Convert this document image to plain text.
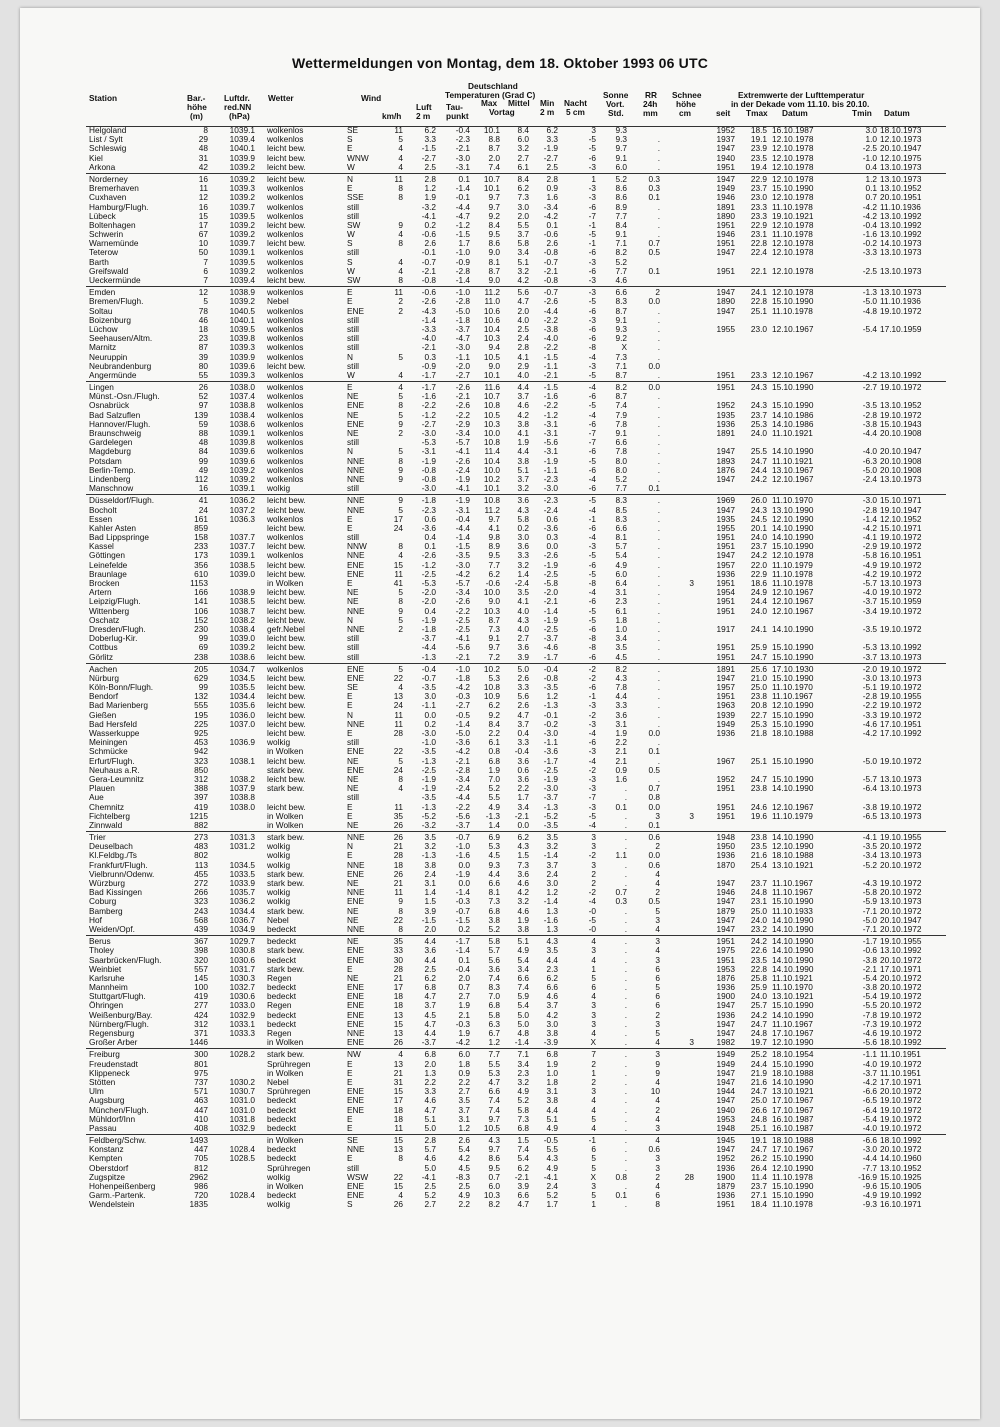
Wettermeldungen von Montag, dem 18. Oktober 1993 06 UTC
Deutschland
Station	Bar.-
höhe
(m)
Luftdr.
red.NN
(hPa)
Wetter	Wind
km/h
Temperaturen (Grad C)
Luft
2 m
Tau-
punkt
Max Mittel Min
Vortag	2 m
Nacht
5 cm
Sonne
Vort.
Std.
RR
24h
mm
Schnee
höhe
cm
Extremwerte der Lufttemperatur
in der Dekade vom 11.10. bis 20.10.
seit Tmax Datum	Tmin Datum
Helgoland	8	1039.1 wolkenlos	SE	11	6.2	-0.4	10.1	8.4	6.2	3	9.3	1952	18.5 16.10.1987	3.0 18.10.1973
List / Sylt	29	1039.4 wolkenlos	S	5	3.3	-2.3	8.8	6.0	3.3	-5	9.3	.	1937	19.1 12.10.1978	1.0 12.10.1973
Schleswig	48	1040.1 leicht bew.	E	4	-1.5	-2.1	8.7	3.2	-1.9	-5	9.7	.	1947	23.9 12.10.1978	-2.5 20.10.1947
Kiel	31	1039.9 leicht bew.	WNW	4	-2.7	-3.0	2.0	2.7	-2.7	-6	9.1	.	1940	23.5 12.10.1978	-1.0 12.10.1975
Arkona	42	1039.2 leicht bew.	W	4	2.5	-3.1	7.4	6.1	2.5	-3	6.0	.	1951	19.4 12.10.1978	0.4 13.10.1973
Norderney	16	1039.2 leicht bew.	N	11	2.8	0.1	10.7	8.4	2.8	1	5.2	0.3	1947	22.9 12.10.1978	1.2 13.10.1973
Bremerhaven	11	1039.3 wolkenlos	E	8	1.2	-1.4	10.1	6.2	0.9	-3	8.6	0.3	1949	23.7 15.10.1990	0.1 13.10.1952
Cuxhaven	12	1039.2 wolkenlos	SSE	8	1.9	-0.1	9.7	7.3	1.6	-3	8.6	0.1	1946	23.0 12.10.1978	0.7 20.10.1951
Hamburg/Flugh.	16	1039.7 wolkenlos	still	-3.2	-4.4	9.7	3.0	-3.4	-6	8.9	.	1891	23.3 11.10.1978	-4.2 11.10.1936
Lübeck	15	1039.5 wolkenlos	still	-4.1	-4.7	9.2	2.0	-4.2	-7	7.7	.	1890	23.3 19.10.1921	-4.2 13.10.1992
Boltenhagen	17	1039.2 leicht bew.	SW	9	0.2	-1.2	8.4	5.5	0.1	-1	8.4	.	1951	22.9 12.10.1978	-0.4 13.10.1992
Schwerin	67	1039.2 wolkenlos	W	4	-0.6	-1.5	9.5	3.7	-0.6	-5	9.1	.	1946	23.1 11.10.1978	-1.6 13.10.1992
Warnemünde	10	1039.7 leicht bew.	S	8	2.6	1.7	8.6	5.8	2.6	-1	7.1	0.7	1951	22.8 12.10.1978	-0.2 14.10.1973
Teterow	50	1039.1 wolkenlos	still	-0.1	-1.0	9.0	3.4	-0.8	-6	8.2	0.5	1947	22.4 12.10.1978	-3.3 13.10.1973
Barth	7	1039.5 wolkenlos	S	4	-0.7	-0.9	8.1	5.1	-0.7	-3	5.2
Greifswald	6	1039.2 wolkenlos	W	4	-2.1	-2.8	8.7	3.2	-2.1	-6	7.7	0.1	1951	22.1 12.10.1978	-2.5 13.10.1973
Ueckermünde	7	1039.4 leicht bew.	SW	8	-0.8	-1.4	9.0	4.2	-0.8	-3	4.6
Emden	12	1038.9 wolkenlos	E	11	-0.6	-1.0	11.2	5.6	-0.7	-3	6.6	2	1947	24.1 12.10.1978	-1.3 13.10.1973
Bremen/Flugh.	5	1039.2 Nebel	E	2	-2.6	-2.8	11.0	4.7	-2.6	-5	8.3	0.0	1890	22.8 15.10.1990	-5.0 11.10.1936
Soltau	78	1040.5 wolkenlos	ENE	2	-4.3	-5.0	10.6	2.0	-4.4	-6	8.7	.	1947	25.1 11.10.1978	-4.8 19.10.1972
Boizenburg	46	1040.1 wolkenlos	still	-1.4	-1.8	10.6	4.0	-2.2	-3	9.1	.
Lüchow	18	1039.5 wolkenlos	still	-3.3	-3.7	10.4	2.5	-3.8	-6	9.3	.	1955	23.0 12.10.1967	-5.4 17.10.1959
Seehausen/Altm.	23	1039.8 wolkenlos	still	-4.0	-4.7	10.3	2.4	-4.0	-6	9.2	.
Marnitz	87	1039.3 wolkenlos	still	-2.1	-3.0	9.4	2.8	-2.2	-8	X	.
Neuruppin	39	1039.9 wolkenlos	N	5	0.3	-1.1	10.5	4.1	-1.5	-4	7.3	.
Neubrandenburg	80	1039.6 leicht bew.	still	-0.9	-2.0	9.0	2.9	-1.1	-3	7.1	0.0
Angermünde	55	1039.3 wolkenlos	W	4	-1.7	-2.7	10.1	4.0	-2.1	-5	8.7	.	1951	23.3 12.10.1967	-4.2 13.10.1992
Lingen	26	1038.0 wolkenlos	E	4	-1.7	-2.6	11.6	4.4	-1.5	-4	8.2	0.0	1951	24.3 15.10.1990	-2.7 19.10.1972
Münst.-Osn./Flugh.	52	1037.4 wolkenlos	NE	5	-1.6	-2.1	10.7	3.7	-1.6	-6	8.7	.
Osnabrück	97	1038.8 wolkenlos	ENE	8	-2.2	-2.6	10.8	4.6	-2.2	-5	7.4	.	1952	24.3 15.10.1990	-3.5 13.10.1952
Bad Salzuflen	139	1038.4 wolkenlos	NE	5	-1.2	-2.2	10.5	4.2	-1.2	-4	7.9	.	1935	23.7 14.10.1986	-2.8 19.10.1972
Hannover/Flugh.	59	1038.6 wolkenlos	ENE	9	-2.7	-2.9	10.3	3.8	-3.1	-6	7.8	.	1936	25.3 14.10.1986	-3.8 15.10.1943
Braunschweig	88	1039.1 wolkenlos	NE	2	-3.0	-3.4	10.0	4.1	-3.1	-7	9.1	.	1891	24.0 11.10.1921	-4.4 20.10.1908
Gardelegen	48	1039.8 wolkenlos	still	-5.3	-5.7	10.8	1.9	-5.6	-7	6.6	.
Magdeburg	84	1039.6 wolkenlos	N	5	-3.1	-4.1	11.4	4.4	-3.1	-6	7.8	.	1947	25.5 14.10.1990	-4.0 20.10.1947
Potsdam	99	1039.6 wolkenlos	NNE	8	-1.9	-2.6	10.4	3.8	-1.9	-5	8.0	.	1893	24.7 11.10.1921	-6.3 20.10.1908
Berlin-Temp.	49	1039.2 wolkenlos	NNE	9	-0.8	-2.4	10.0	5.1	-1.1	-6	8.0	.	1876	24.4 13.10.1967	-5.0 20.10.1908
Lindenberg	112	1039.2 wolkenlos	NNE	9	-0.8	-1.9	10.2	3.7	-2.3	-4	5.2	.	1947	24.2 12.10.1967	-2.4 13.10.1973
Manschnow	16	1039.1 wolkig	still	-3.0	-4.1	10.1	3.2	-3.0	-6	7.7	0.1
Düsseldorf/Flugh.	41	1036.2 leicht bew.	NNE	9	-1.8	-1.9	10.8	3.6	-2.3	-5	8.3	.	1969	26.0 11.10.1970	-3.0 15.10.1971
Bocholt	24	1037.2 leicht bew.	NNE	5	-2.3	-3.1	11.2	4.3	-2.4	-4	8.5	.	1947	24.3 13.10.1990	-2.8 19.10.1947
Essen	161	1036.3 wolkenlos	E	17	0.6	-0.4	9.7	5.8	0.6	-1	8.3	.	1935	24.5 12.10.1990	-1.4 12.10.1952
Kahler Asten	859	leicht bew.	E	24	-3.6	-4.4	4.1	0.2	-3.6	-6	6.6	.	1955	20.1 14.10.1990	-4.2 15.10.1971
Bad Lippspringe	158	1037.7 wolkenlos	still	0.4	-1.4	9.8	3.0	0.3	-4	8.1	.	1951	24.0 14.10.1990	-4.1 19.10.1972
Kassel	233	1037.7 leicht bew.	NNW	8	0.1	-1.5	8.9	3.6	0.0	-3	5.7	.	1951	23.7 15.10.1990	-2.9 19.10.1972
Göttingen	173	1039.1 wolkenlos	NNE	4	-2.6	-3.5	9.5	3.3	-2.6	-5	5.4	.	1947	24.2 12.10.1978	-5.8 16.10.1951
Leinefelde	356	1038.5 leicht bew.	ENE	15	-1.2	-3.0	7.7	3.2	-1.9	-6	4.9	.	1957	22.0 11.10.1979	-4.9 19.10.1972
Braunlage	610	1039.0 leicht bew.	ENE	11	-2.5	-4.2	6.2	1.4	-2.5	-5	6.0	.	1936	22.9 11.10.1978	-4.2 19.10.1972
Brocken	1153	in Wolken	E	41	-5.3	-5.7	-0.6	-2.4	-5.8	-8	6.4	.	3	1951	18.6 11.10.1978	-5.7 13.10.1973
Artern	166	1038.9 leicht bew.	NE	5	-2.0	-3.4	10.0	3.5	-2.0	-4	3.1	.	1954	24.9 12.10.1967	-4.0 19.10.1972
Leipzig/Flugh.	141	1038.5 leicht bew.	NE	8	-2.0	-2.6	9.0	4.1	-2.1	-6	2.3	.	1951	24.4 12.10.1967	-3.7 15.10.1959
Wittenberg	106	1038.7 leicht bew.	NNE	9	0.4	-2.2	10.3	4.0	-1.4	-5	6.1	.	1951	24.0 12.10.1967	-3.4 19.10.1972
Oschatz	152	1038.2 leicht bew.	N	5	-1.9	-2.5	8.7	4.3	-1.9	-5	1.8	.
Dresden/Flugh.	230	1038.4 gefr.Nebel	NNE	2	-1.8	-2.5	7.3	4.0	-2.5	-6	1.0	.	1917	24.1 14.10.1990	-3.5 19.10.1972
Doberlug-Kir.	99	1039.0 leicht bew.	still	-3.7	-4.1	9.1	2.7	-3.7	-8	3.4	.
Cottbus	69	1039.2 leicht bew.	still	-4.4	-5.6	9.7	3.6	-4.6	-8	3.5	.	1951	25.9 15.10.1990	-5.3 13.10.1992
Görlitz	238	1038.6 leicht bew.	still	-1.3	-2.1	7.2	3.9	-1.7	-6	4.5	.	1951	24.7 15.10.1990	-3.7 13.10.1973
Aachen	205	1034.7 wolkenlos	ENE	5	-0.4	-1.0	10.2	5.0	-0.4	-2	8.2	.	1891	25.6 17.10.1930	-2.0 19.10.1972
Nürburg	629	1034.5 leicht bew.	ENE	22	-0.7	-1.8	5.3	2.6	-0.8	-2	4.3	.	1947	21.0 15.10.1990	-3.0 13.10.1973
Köln-Bonn/Flugh.	99	1035.5 leicht bew.	SE	4	-3.5	-4.2	10.8	3.3	-3.5	-6	7.8	.	1957	25.0 11.10.1970	-5.1 19.10.1972
Bendorf	132	1034.4 leicht bew.	E	13	3.0	-0.3	10.9	5.6	1.2	-1	4.4	.	1951	23.8 11.10.1967	-2.8 19.10.1955
Bad Marienberg	555	1035.6 leicht bew.	E	24	-1.1	-2.7	6.2	2.6	-1.3	-3	3.3	.	1963	20.8 12.10.1990	-2.2 19.10.1972
Gießen	195	1036.0 leicht bew.	N	11	0.0	-0.5	9.2	4.7	-0.1	-2	3.6	.	1939	22.7 15.10.1990	-3.3 19.10.1972
Bad Hersfeld	225	1037.0 leicht bew.	NNE	11	0.2	-1.4	8.4	3.7	-0.2	-3	3.1	.	1949	25.3 15.10.1990	-4.6 17.10.1951
Wasserkuppe	925	leicht bew.	E	28	-3.0	-5.0	2.2	0.4	-3.0	-4	1.9	0.0	1936	21.8 18.10.1988	-4.2 17.10.1992
Meiningen	453	1036.9 wolkig	still	-1.0	-3.6	6.1	3.3	-1.1	-6	2.2	.
Schmücke	942	in Wolken	ENE	22	-3.5	-4.2	0.8	-0.4	-3.6	-3	2.1	0.1
Erfurt/Flugh.	323	1038.1 leicht bew.	NE	5	-1.3	-2.1	6.8	3.6	-1.7	-4	2.1	.	1967	25.1 15.10.1990	-5.0 19.10.1972
Neuhaus a.R.	850	stark bew.	ENE	24	-2.5	-2.8	1.9	0.6	-2.5	-2	0.9	0.5
Gera-Leumnitz	312	1038.2 leicht bew.	NE	8	-1.9	-3.4	7.0	3.6	-1.9	-3	1.6	.	1952	24.7 15.10.1990	-5.7 13.10.1973
Plauen	388	1037.9 stark bew.	NE	4	-1.9	-2.4	5.2	2.2	-3.0	-3	.	0.7	1951	23.8 14.10.1990	-6.4 13.10.1973
Aue	397	1038.8	still	-3.5	-4.4	5.5	1.7	-3.7	-7	.	0.8
Chemnitz	419	1038.0 leicht bew.	E	11	-1.3	-2.2	4.9	3.4	-1.3	-3	0.1	0.0	1951	24.6 12.10.1967	-3.8 19.10.1972
Fichtelberg	1215	in Wolken	E	35	-5.2	-5.6	-1.3	-2.1	-5.2	-5	.	3	3	1951	19.6 11.10.1979	-6.5 13.10.1973
Zinnwald	882	in Wolken	NE	26	-3.2	-3.7	1.4	0.0	-3.5	-4	.	0.1
Trier	273	1031.3 stark bew.	NNE	26	3.5	-0.7	6.9	6.2	3.5	3	.	0.6	1948	23.8 14.10.1990	-4.1 19.10.1955
Deuselbach	483	1031.2 wolkig	N	21	3.2	-1.0	5.3	4.3	3.2	3	.	2	1950	23.5 12.10.1990	-3.5 20.10.1972
Kl.Feldbg./Ts	802	wolkig	E	28	-1.3	-1.6	4.5	1.5	-1.4	-2	1.1	0.0	1936	21.6 18.10.1988	-3.4 13.10.1973
Frankfurt/Flugh.	113	1034.5 wolkig	NNE	18	3.8	0.0	9.3	7.3	3.7	3	.	0.6	1870	25.4 13.10.1921	-5.2 20.10.1972
Vielbrunn/Odenw.	455	1033.5 stark bew.	ENE	26	2.4	-1.9	4.4	3.6	2.4	2	.	4
Würzburg	272	1033.9 stark bew.	NE	21	3.1	0.0	6.6	4.6	3.0	2	.	4	1947	23.7 11.10.1967	-4.3 19.10.1972
Bad Kissingen	266	1035.7 wolkig	NNE	11	1.4	-1.4	8.1	4.2	1.2	-2	0.7	2	1946	24.8 11.10.1967	-5.8 20.10.1972
Coburg	323	1036.2 wolkig	ENE	9	1.5	-0.3	7.3	3.2	-1.4	-4	0.3	0.5	1947	23.1 15.10.1990	-5.9 13.10.1973
Bamberg	243	1034.4 stark bew.	NE	8	3.9	-0.7	6.8	4.6	1.3	-0	.	5	1879	25.0 11.10.1933	-7.1 20.10.1972
Hof	568	1036.7 Nebel	NE	22	-1.5	-1.5	3.8	1.9	-1.6	-5	.	3	1947	24.0 14.10.1990	-5.0 20.10.1947
Weiden/Opf.	439	1034.9 bedeckt	NNE	8	2.0	0.2	5.2	3.8	1.3	-0	.	4	1947	23.2 14.10.1990	-7.1 20.10.1972
Berus	367	1029.7 bedeckt	NE	35	4.4	-1.7	5.8	5.1	4.3	4	.	3	1951	24.2 14.10.1990	-1.7 19.10.1955
Tholey	398	1030.8 stark bew.	ENE	33	3.6	-1.4	5.7	4.9	3.5	3	.	4	1975	22.6 14.10.1990	-0.6 13.10.1992
Saarbrücken/Flugh.	320	1030.6 bedeckt	ENE	30	4.4	0.1	5.6	5.4	4.4	4	.	3	1951	23.5 14.10.1990	-3.8 20.10.1972
Weinbiet	557	1031.7 stark bew.	E	28	2.5	-0.4	3.6	3.4	2.3	1	.	6	1953	22.8 14.10.1990	-2.1 17.10.1971
Karlsruhe	145	1030.3 Regen	NE	21	6.2	2.0	7.4	6.6	6.2	5	.	6	1876	25.8 11.10.1921	-5.4 20.10.1972
Mannheim	100	1032.7 bedeckt	ENE	17	6.8	0.7	8.3	7.4	6.6	6	.	5	1936	25.9 11.10.1970	-3.8 20.10.1972
Stuttgart/Flugh.	419	1030.6 bedeckt	ENE	18	4.7	2.7	7.0	5.9	4.6	4	.	6	1900	24.0 13.10.1921	-5.4 19.10.1972
Öhringen	277	1033.0 Regen	ENE	18	3.7	1.9	6.8	5.4	3.7	3	.	6	1947	25.7 15.10.1990	-5.5 20.10.1972
Weißenburg/Bay.	424	1032.9 bedeckt	ENE	13	4.5	2.1	5.8	5.0	4.2	3	.	2	1936	24.2 14.10.1990	-7.8 19.10.1972
Nürnberg/Flugh.	312	1033.1 bedeckt	ENE	15	4.7	-0.3	6.3	5.0	3.0	3	.	3	1947	24.7 11.10.1967	-7.3 19.10.1972
Regensburg	371	1033.3 Regen	NNE	13	4.4	1.9	6.7	4.8	3.8	4	.	5	1947	24.8 17.10.1967	-4.6 19.10.1972
Großer Arber	1446	in Wolken	ENE	26	-3.7	-4.2	1.2	-1.4	-3.9	X	.	4	3	1982	19.7 12.10.1990	-5.6 18.10.1992
Freiburg	300	1028.2 stark bew.	NW	4	6.8	6.0	7.7	7.1	6.8	7	.	3	1949	25.2 18.10.1954	-1.1 11.10.1951
Freudenstadt	801	Sprühregen	E	13	2.0	1.8	5.5	3.4	1.9	2	.	9	1949	24.4 15.10.1990	-4.0 19.10.1972
Klippeneck	975	in Wolken	E	21	1.3	0.9	5.3	2.3	1.0	1	.	9	1947	21.9 18.10.1988	-3.7 11.10.1951
Stötten	737	1030.2 Nebel	E	31	2.2	2.2	4.7	3.2	1.8	2	.	4	1947	21.6 14.10.1990	-4.2 17.10.1971
Ulm	571	1030.7 Sprühregen	ENE	15	3.3	2.7	6.6	4.9	3.1	3	.	10	1944	24.7 13.10.1921	-6.6 20.10.1972
Augsburg	463	1031.0 bedeckt	ENE	17	4.6	3.5	7.4	5.2	3.8	4	.	4	1947	25.0 17.10.1967	-6.5 19.10.1972
München/Flugh.	447	1031.0 bedeckt	ENE	18	4.7	3.7	7.4	5.8	4.4	4	.	2	1940	26.6 17.10.1967	-6.4 19.10.1972
Mühldorf/Inn	410	1031.8 bedeckt	E	18	5.1	3.1	9.7	7.3	5.1	5	.	4	1953	24.8 16.10.1987	-5.4 19.10.1972
Passau	408	1032.9 bedeckt	E	11	5.0	1.2	10.5	6.8	4.9	4	.	3	1948	25.1 16.10.1987	-4.0 19.10.1972
Feldberg/Schw.	1493	in Wolken	SE	15	2.8	2.6	4.3	1.5	-0.5	-1	.	4	1945	19.1 18.10.1988	-6.6 18.10.1992
Konstanz	447	1028.4 bedeckt	NNE	13	5.7	5.4	9.7	7.4	5.5	6	.	0.6	1947	24.7 17.10.1967	-3.0 20.10.1972
Kempten	705	1028.5 bedeckt	E	8	4.6	4.2	8.6	5.4	4.3	5	.	3	1952	26.2 15.10.1990	-4.4 14.10.1960
Oberstdorf	812	Sprühregen	still	5.0	4.5	9.5	6.2	4.9	5	.	3	1936	26.4 12.10.1990	-7.7 13.10.1952
Zugspitze	2962	wolkig	WSW	22	-4.1	-8.3	0.7	-2.1	-4.1	X	0.8	2	28	1900	11.4 11.10.1978	-16.9 15.10.1925
Hohenpeißenberg	986	in Wolken	ENE	15	2.5	2.5	6.0	3.9	2.4	3	.	4	1879	23.7 15.10.1990	-9.6 15.10.1905
Garm.-Partenk.	720	1028.4 bedeckt	ENE	4	5.2	4.9	10.3	6.6	5.2	5	0.1	6	1936	27.1 15.10.1990	-4.9 19.10.1992
Wendelstein	1835	wolkig	S	26	2.7	2.2	8.2	4.7	1.7	1	.	8	1951	18.4 11.10.1978	-9.3 16.10.1971
